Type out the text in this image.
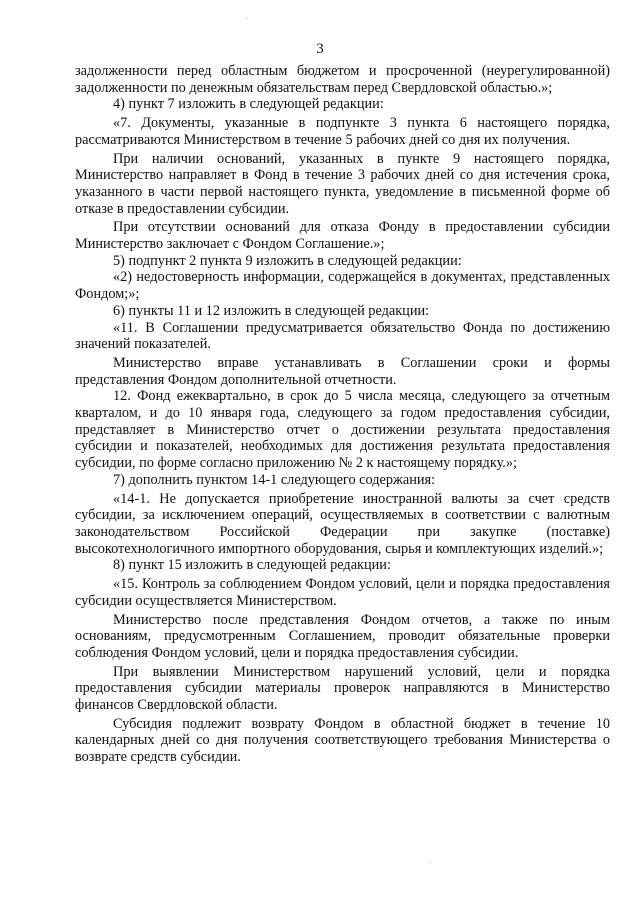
3

задолженности перед областным бюджетом и просроченной (неурегулированной) задолженности по денежным обязательствам перед Свердловской областью.»;

4) пункт 7 изложить в следующей редакции:

«7. Документы, указанные в подпункте 3 пункта 6 настоящего порядка, рассматриваются Министерством в течение 5 рабочих дней со дня их получения.

При наличии оснований, указанных в пункте 9 настоящего порядка, Министерство направляет в Фонд в течение 3 рабочих дней со дня истечения срока, указанного в части первой настоящего пункта, уведомление в письменной форме об отказе в предоставлении субсидии.

При отсутствии оснований для отказа Фонду в предоставлении субсидии Министерство заключает с Фондом Соглашение.»;

5) подпункт 2 пункта 9 изложить в следующей редакции:

«2) недостоверность информации, содержащейся в документах, представленных Фондом;»;

6) пункты 11 и 12 изложить в следующей редакции:

«11. В Соглашении предусматривается обязательство Фонда по достижению значений показателей.

Министерство вправе устанавливать в Соглашении сроки и формы представления Фондом дополнительной отчетности.

12. Фонд ежеквартально, в срок до 5 числа месяца, следующего за отчетным кварталом, и до 10 января года, следующего за годом предоставления субсидии, представляет в Министерство отчет о достижении результата предоставления субсидии и показателей, необходимых для достижения результата предоставления субсидии, по форме согласно приложению № 2 к настоящему порядку.»;

7) дополнить пунктом 14-1 следующего содержания:

«14-1. Не допускается приобретение иностранной валюты за счет средств субсидии, за исключением операций, осуществляемых в соответствии с валютным законодательством Российской Федерации при закупке (поставке) высокотехнологичного импортного оборудования, сырья и комплектующих изделий.»;

8) пункт 15 изложить в следующей редакции:

«15. Контроль за соблюдением Фондом условий, цели и порядка предоставления субсидии осуществляется Министерством.

Министерство после представления Фондом отчетов, а также по иным основаниям, предусмотренным Соглашением, проводит обязательные проверки соблюдения Фондом условий, цели и порядка предоставления субсидии.

При выявлении Министерством нарушений условий, цели и порядка предоставления субсидии материалы проверок направляются в Министерство финансов Свердловской области.

Субсидия подлежит возврату Фондом в областной бюджет в течение 10 календарных дней со дня получения соответствующего требования Министерства о возврате средств субсидии.
